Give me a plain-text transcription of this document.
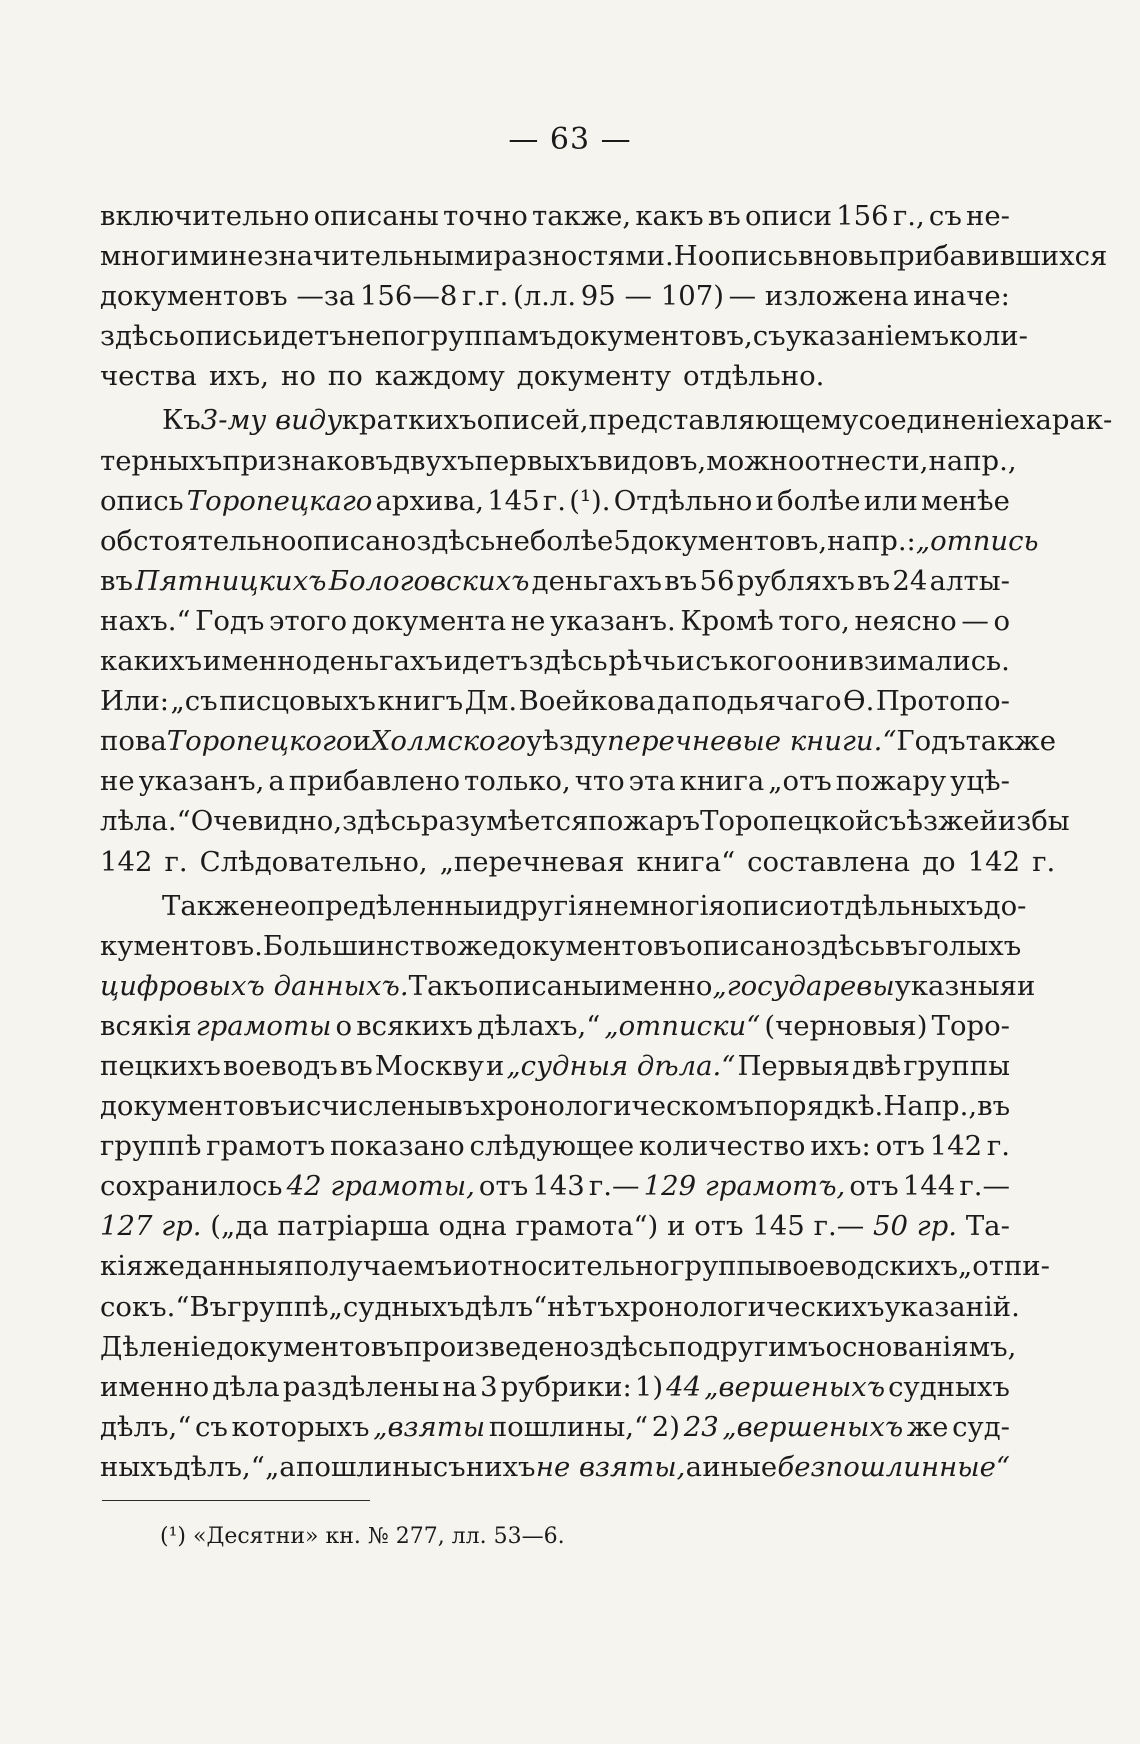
— 63 —
включительно описаны точно также, какъ въ описи 156 г., съ не-
многими незначительными разностями. Но опись вновь прибавившихся
документовъ —за 156—8 г.г. (л.л. 95 — 107) — изложена иначе:
здѣсь опись идетъ не по группамъ документовъ, съ указаніемъ коли-
чества ихъ, но по каждому документу отдѣльно.
Къ 3-му видy краткихъ описей, представляющему соединеніе харак-
терныхъ признаковъ двухъ первыхъ видовъ, можно отнести, напр.,
опись Торопецкаго архива, 145 г. (¹). Отдѣльно и болѣе или менѣе
обстоятельно описано здѣсь не болѣе 5 документовъ, напр.: „отпись
въ Пятницкихъ Бологовскихъ деньгахъ въ 56 рубляхъ въ 24 алты-
нахъ.“ Годъ этого документа не указанъ. Кромѣ того, неясно — о
какихъ именно деньгахъ идетъ здѣсь рѣчь и съ кого они взимались.
Или: „съ писцовыхъ книгъ Дм. Воейкова да подьячаго Ѳ. Протопо-
пова Торопецкого и Холмского уѣзду перечневые книги.“ Годъ также
не указанъ, а прибавлено только, что эта книга „отъ пожару уцѣ-
лѣла.“ Очевидно, здѣсь разумѣется пожаръ Торопецкой съѣзжей избы
142 г. Слѣдовательно, „перечневая книга“ составлена до 142 г.
Также неопредѣленны и другія немногія описи отдѣльныхъ до-
кументовъ. Большинство же документовъ описано здѣсь въ голыхъ
цифровыхъ данныхъ. Такъ описаны именно „государевы указныя и
всякія грамоты о всякихъ дѣлахъ,“ „отписки“ (черновыя) Торо-
пецкихъ воеводъ въ Москву и „судныя дѣла.“ Первыя двѣ группы
документовъ исчислены въ хронологическомъ порядкѣ. Напр., въ
группѣ грамотъ показано слѣдующее количество ихъ: отъ 142 г.
сохранилось 42 грамоты, отъ 143 г.— 129 грамотъ, отъ 144 г.—
127 гр. („да патріарша одна грамота“) и отъ 145 г.— 50 гр. Та-
кія же данныя получаемъ и относительно группы воеводскихъ „отпи-
сокъ.“ Въ группѣ „судныхъ дѣлъ“ нѣтъ хронологическихъ указаній.
Дѣленіе документовъ произведено здѣсь по другимъ основаніямъ,
именно дѣла раздѣлены на 3 рубрики: 1) 44 „вершеныхъ судныхъ
дѣлъ,“ съ которыхъ „взяты пошлины,“ 2) 23 „вершеныхъ же суд-
ныхъ дѣлъ,“ „а пошлины съ нихъ не взяты, а иные безпошлинные“
(¹) «Десятни» кн. № 277, лл. 53—6.
